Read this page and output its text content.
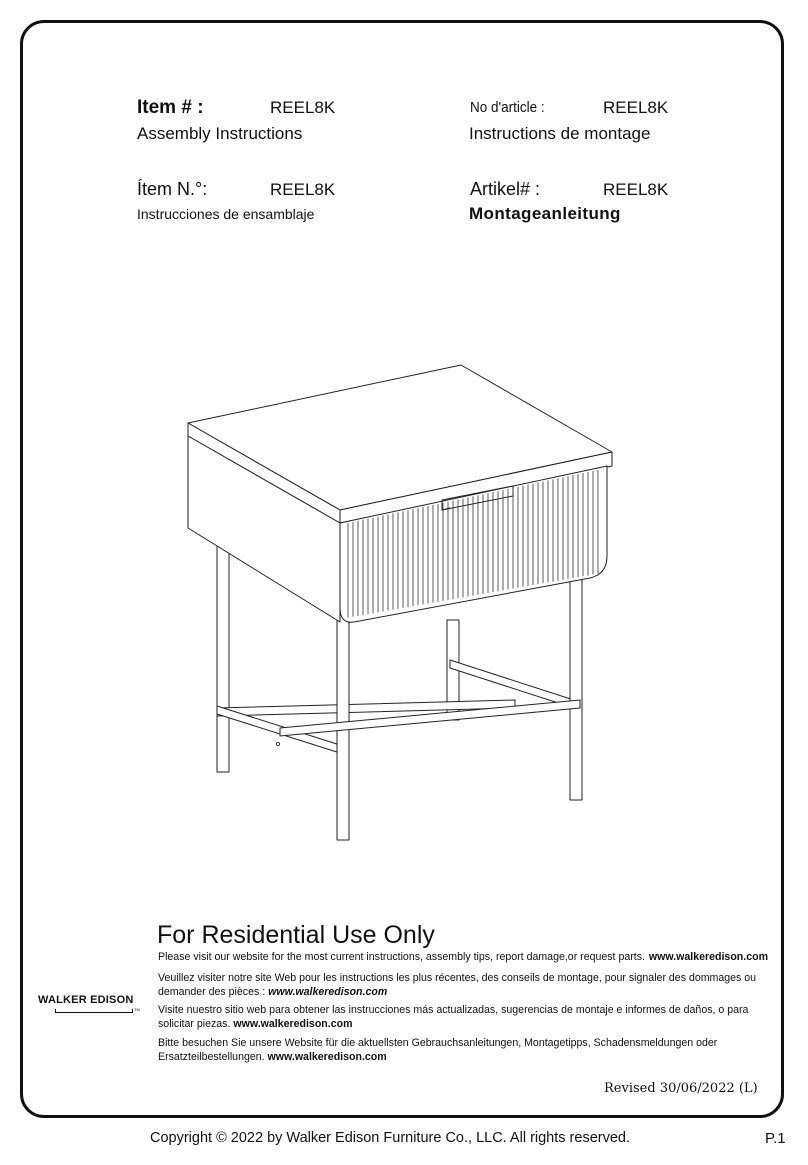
Item # :	REEL8K
Assembly Instructions
No d'article :	REEL8K
Instructions de montage
Ítem N.°:	REEL8K
Instrucciones de ensamblaje
Artikel# :	REEL8K
Montageanleitung
For Residential Use Only
Please visit our website for the most current instructions, assembly tips, report damage,or request parts. www.walkeredison.com
Veuillez visiter notre site Web pour les instructions les plus récentes, des conseils de montage, pour signaler des dommages ou demander des pièces : www.walkeredison.com
Visite nuestro sitio web para obtener las instrucciones más actualizadas, sugerencias de montaje e informes de daños, o para solicitar piezas. www.walkeredison.com
Bitte besuchen Sie unsere Website für die aktuellsten Gebrauchsanleitungen, Montagetipps, Schadensmeldungen oder Ersatzteilbestellungen. www.walkeredison.com
WALKER EDISON
TM
Revised 30/06/2022 (L)
Copyright © 2022 by Walker Edison Furniture Co., LLC. All rights reserved.	P.1
